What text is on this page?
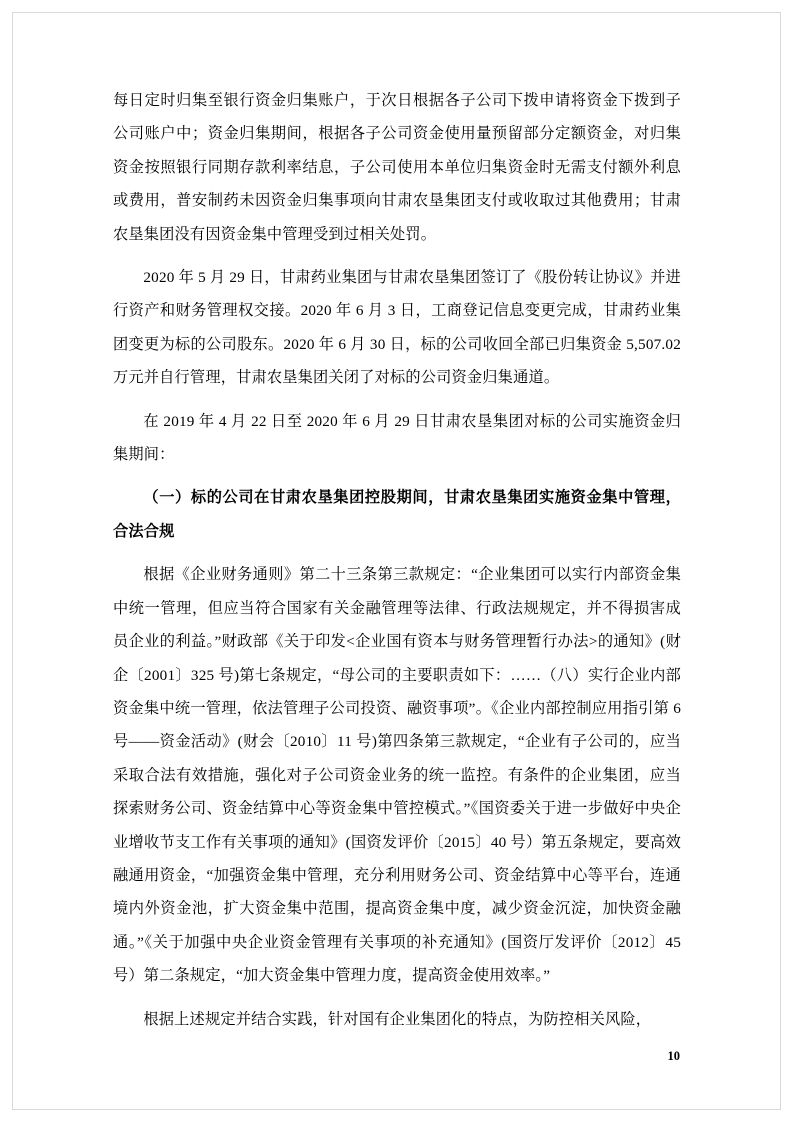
每日定时归集至银行资金归集账户，于次日根据各子公司下拨申请将资金下拨到子公司账户中；资金归集期间，根据各子公司资金使用量预留部分定额资金，对归集资金按照银行同期存款利率结息，子公司使用本单位归集资金时无需支付额外利息或费用，普安制药未因资金归集事项向甘肃农垦集团支付或收取过其他费用；甘肃农垦集团没有因资金集中管理受到过相关处罚。

2020 年 5 月 29 日，甘肃药业集团与甘肃农垦集团签订了《股份转让协议》并进行资产和财务管理权交接。2020 年 6 月 3 日，工商登记信息变更完成，甘肃药业集团变更为标的公司股东。2020 年 6 月 30 日，标的公司收回全部已归集资金 5,507.02 万元并自行管理，甘肃农垦集团关闭了对标的公司资金归集通道。

在 2019 年 4 月 22 日至 2020 年 6 月 29 日甘肃农垦集团对标的公司实施资金归集期间：

（一）标的公司在甘肃农垦集团控股期间，甘肃农垦集团实施资金集中管理，合法合规

根据《企业财务通则》第二十三条第三款规定：“企业集团可以实行内部资金集中统一管理，但应当符合国家有关金融管理等法律、行政法规规定，并不得损害成员企业的利益。”财政部《关于印发<企业国有资本与财务管理暂行办法>的通知》(财企〔2001〕325 号)第七条规定，“母公司的主要职责如下：……（八）实行企业内部资金集中统一管理，依法管理子公司投资、融资事项”。《企业内部控制应用指引第 6 号——资金活动》(财会〔2010〕11 号)第四条第三款规定，“企业有子公司的，应当采取合法有效措施，强化对子公司资金业务的统一监控。有条件的企业集团，应当探索财务公司、资金结算中心等资金集中管控模式。”《国资委关于进一步做好中央企业增收节支工作有关事项的通知》(国资发评价〔2015〕40 号）第五条规定，要高效融通用资金，“加强资金集中管理，充分利用财务公司、资金结算中心等平台，连通境内外资金池，扩大资金集中范围，提高资金集中度，减少资金沉淀，加快资金融通。”《关于加强中央企业资金管理有关事项的补充通知》(国资厅发评价〔2012〕45 号）第二条规定，“加大资金集中管理力度，提高资金使用效率。”

根据上述规定并结合实践，针对国有企业集团化的特点，为防控相关风险，

10
